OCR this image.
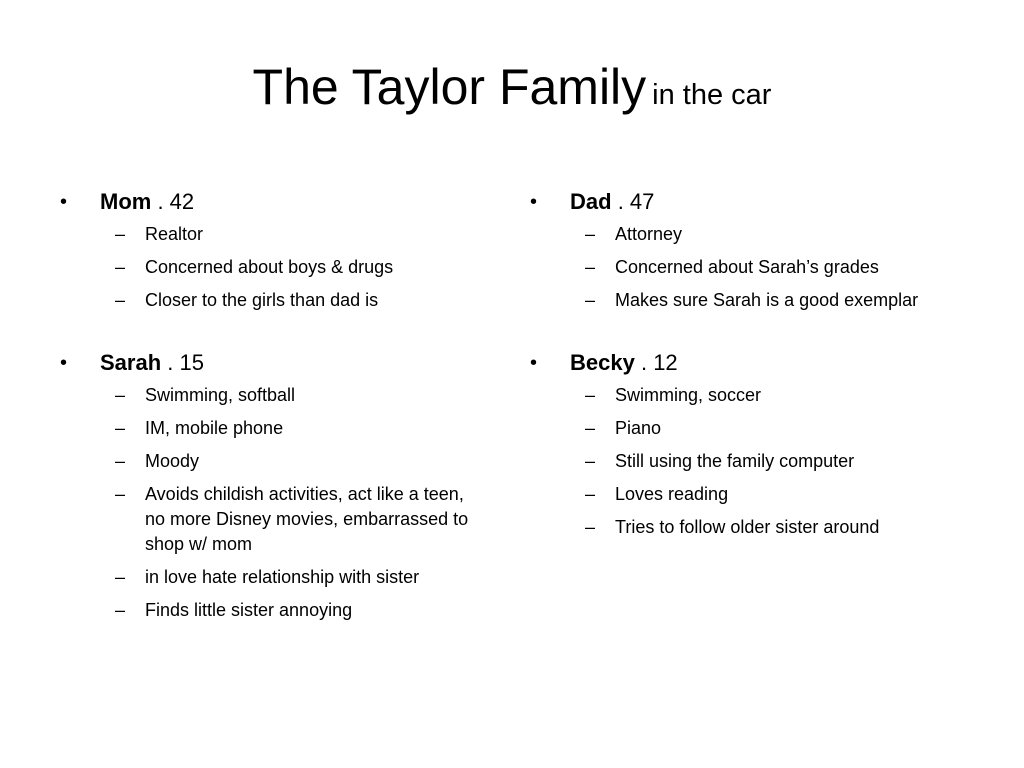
The Taylor Family in the car
•	Mom . 42
– Realtor
– Concerned about boys & drugs
– Closer to the girls than dad is
•	Sarah . 15
– Swimming, softball
– IM, mobile phone
– Moody
– Avoids childish activities, act like a teen, no more Disney movies, embarrassed to shop w/ mom
– in love hate relationship with sister
– Finds little sister annoying
•	Dad . 47
– Attorney
– Concerned about Sarah’s grades
– Makes sure Sarah is a good exemplar
•	Becky . 12
– Swimming, soccer
– Piano
– Still using the family computer
– Loves reading
– Tries to follow older sister around
